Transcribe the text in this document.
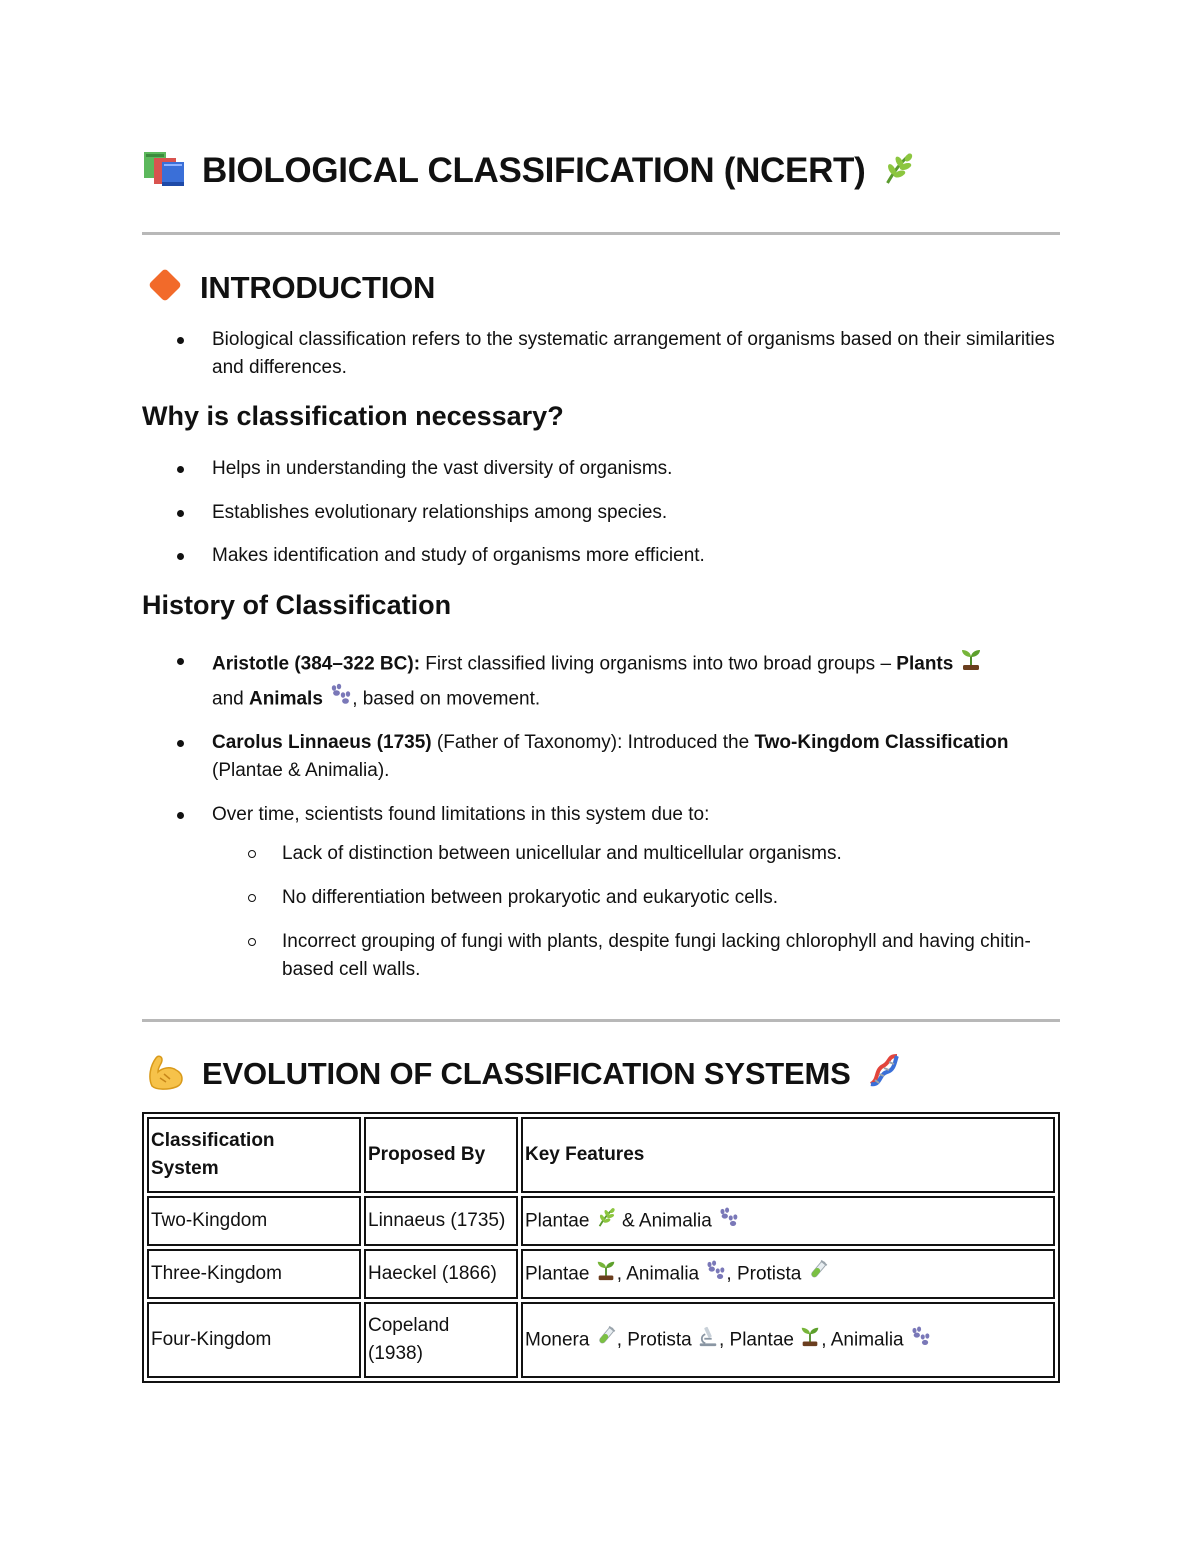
BIOLOGICAL CLASSIFICATION (NCERT)
INTRODUCTION
Biological classification refers to the systematic arrangement of organisms based on their similarities and differences.
Why is classification necessary?
Helps in understanding the vast diversity of organisms.
Establishes evolutionary relationships among species.
Makes identification and study of organisms more efficient.
History of Classification
Aristotle (384–322 BC): First classified living organisms into two broad groups – Plants
and Animals , based on movement.
Carolus Linnaeus (1735) (Father of Taxonomy): Introduced the Two-Kingdom Classification (Plantae & Animalia).
Over time, scientists found limitations in this system due to:
Lack of distinction between unicellular and multicellular organisms.
No differentiation between prokaryotic and eukaryotic cells.
Incorrect grouping of fungi with plants, despite fungi lacking chlorophyll and having chitin-based cell walls.
EVOLUTION OF CLASSIFICATION SYSTEMS
Classification System	Proposed By	Key Features
Two-Kingdom	Linnaeus (1735)	Plantae  & Animalia
Three-Kingdom	Haeckel (1866)	Plantae , Animalia , Protista
Four-Kingdom	Copeland (1938)	Monera , Protista , Plantae , Animalia
